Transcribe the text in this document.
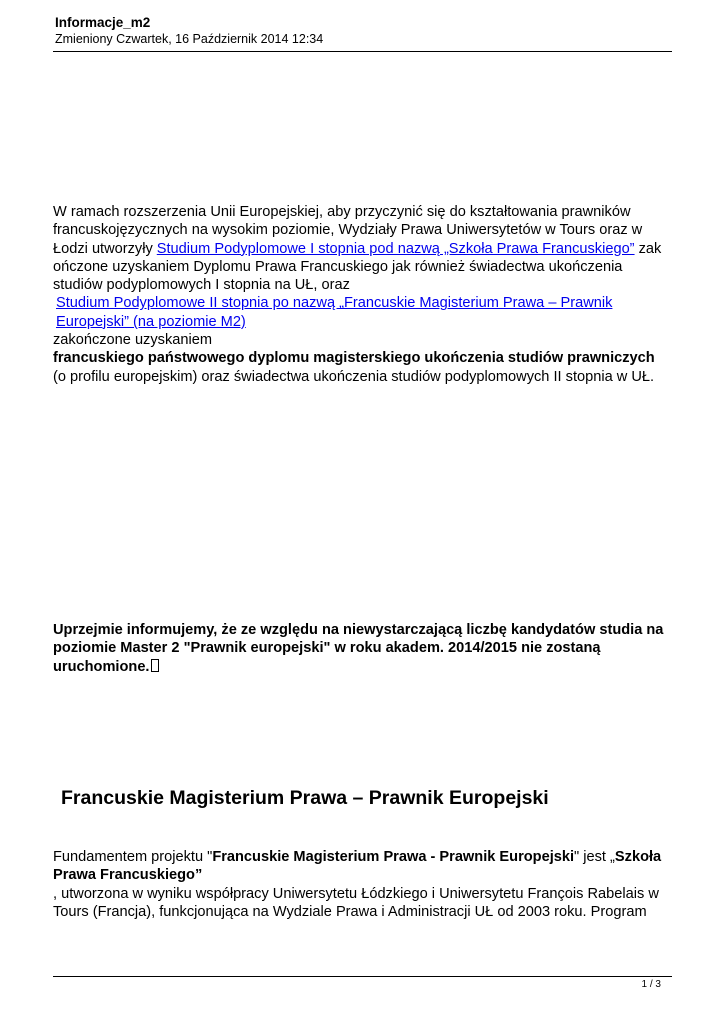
Informacje_m2
Zmieniony Czwartek, 16 Październik 2014 12:34
W ramach rozszerzenia Unii Europejskiej, aby przyczynić się do kształtowania prawników
francuskojęzycznych na wysokim poziomie, Wydziały Prawa Uniwersytetów w Tours oraz w
Łodzi utworzyły Studium Podyplomowe I stopnia pod nazwą „Szkoła Prawa Francuskiego” zak
ończone uzyskaniem Dyplomu Prawa Francuskiego jak również świadectwa ukończenia
studiów podyplomowych I stopnia na UŁ, oraz
Studium Podyplomowe II stopnia po nazwą „Francuskie Magisterium Prawa – Prawnik
Europejski” (na poziomie M2)
zakończone uzyskaniem
francuskiego państwowego dyplomu magisterskiego ukończenia studiów prawniczych
(o profilu europejskim) oraz świadectwa ukończenia studiów podyplomowych II stopnia w UŁ.
Uprzejmie informujemy, że ze względu na niewystarczającą liczbę kandydatów studia na
poziomie Master 2 "Prawnik europejski" w roku akadem. 2014/2015 nie zostaną
uruchomione.
Francuskie Magisterium Prawa – Prawnik Europejski
Fundamentem projektu "Francuskie Magisterium Prawa - Prawnik Europejski" jest „Szkoła
Prawa Francuskiego”
, utworzona w wyniku współpracy Uniwersytetu Łódzkiego i Uniwersytetu François Rabelais w
Tours (Francja), funkcjonująca na Wydziale Prawa i Administracji UŁ od 2003 roku. Program
1 / 3
